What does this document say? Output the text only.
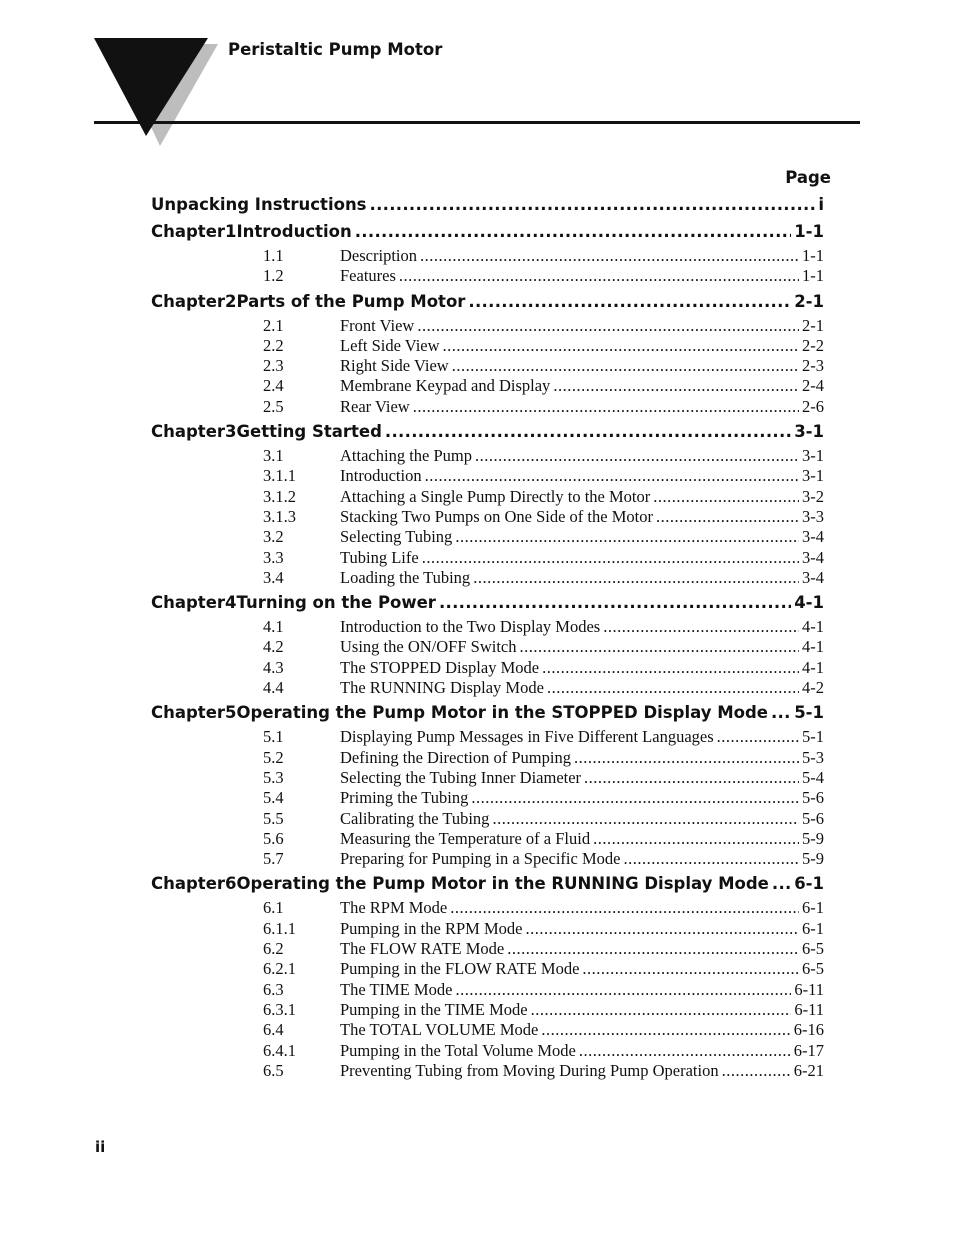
Peristaltic Pump Motor
Page
Unpacking Instructions .....	i
Chapter 1 Introduction .....	1-1
1.1	Description .....	1-1
1.2	Features .....	1-1
Chapter 2 Parts of the Pump Motor .....	2-1
2.1	Front View .....	2-1
2.2	Left Side View .....	2-2
2.3	Right Side View .....	2-3
2.4	Membrane Keypad and Display .....	2-4
2.5	Rear View .....	2-6
Chapter 3 Getting Started .....	3-1
3.1	Attaching the Pump .....	3-1
3.1.1	Introduction .....	3-1
3.1.2	Attaching a Single Pump Directly to the Motor .....	3-2
3.1.3	Stacking Two Pumps on One Side of the Motor .....	3-3
3.2	Selecting Tubing .....	3-4
3.3	Tubing Life .....	3-4
3.4	Loading the Tubing .....	3-4
Chapter 4 Turning on the Power .....	4-1
4.1	Introduction to the Two Display Modes .....	4-1
4.2	Using the ON/OFF Switch .....	4-1
4.3	The STOPPED Display Mode .....	4-1
4.4	The RUNNING Display Mode .....	4-2
Chapter 5 Operating the Pump Motor in the STOPPED Display Mode ..... 5-1
5.1	Displaying Pump Messages in Five Different Languages .....	5-1
5.2	Defining the Direction of Pumping .....	5-3
5.3	Selecting the Tubing Inner Diameter .....	5-4
5.4	Priming the Tubing .....	5-6
5.5	Calibrating the Tubing .....	5-6
5.6	Measuring the Temperature of a Fluid .....	5-9
5.7	Preparing for Pumping in a Specific Mode .....	5-9
Chapter 6 Operating the Pump Motor in the RUNNING Display Mode ..... 6-1
6.1	The RPM Mode .....	6-1
6.1.1	Pumping in the RPM Mode .....	6-1
6.2	The FLOW RATE Mode .....	6-5
6.2.1	Pumping in the FLOW RATE Mode .....	6-5
6.3	The TIME Mode .....	6-11
6.3.1	Pumping in the TIME Mode .....	6-11
6.4	The TOTAL VOLUME Mode .....	6-16
6.4.1	Pumping in the Total Volume Mode .....	6-17
6.5	Preventing Tubing from Moving During Pump Operation .....	6-21
ii
